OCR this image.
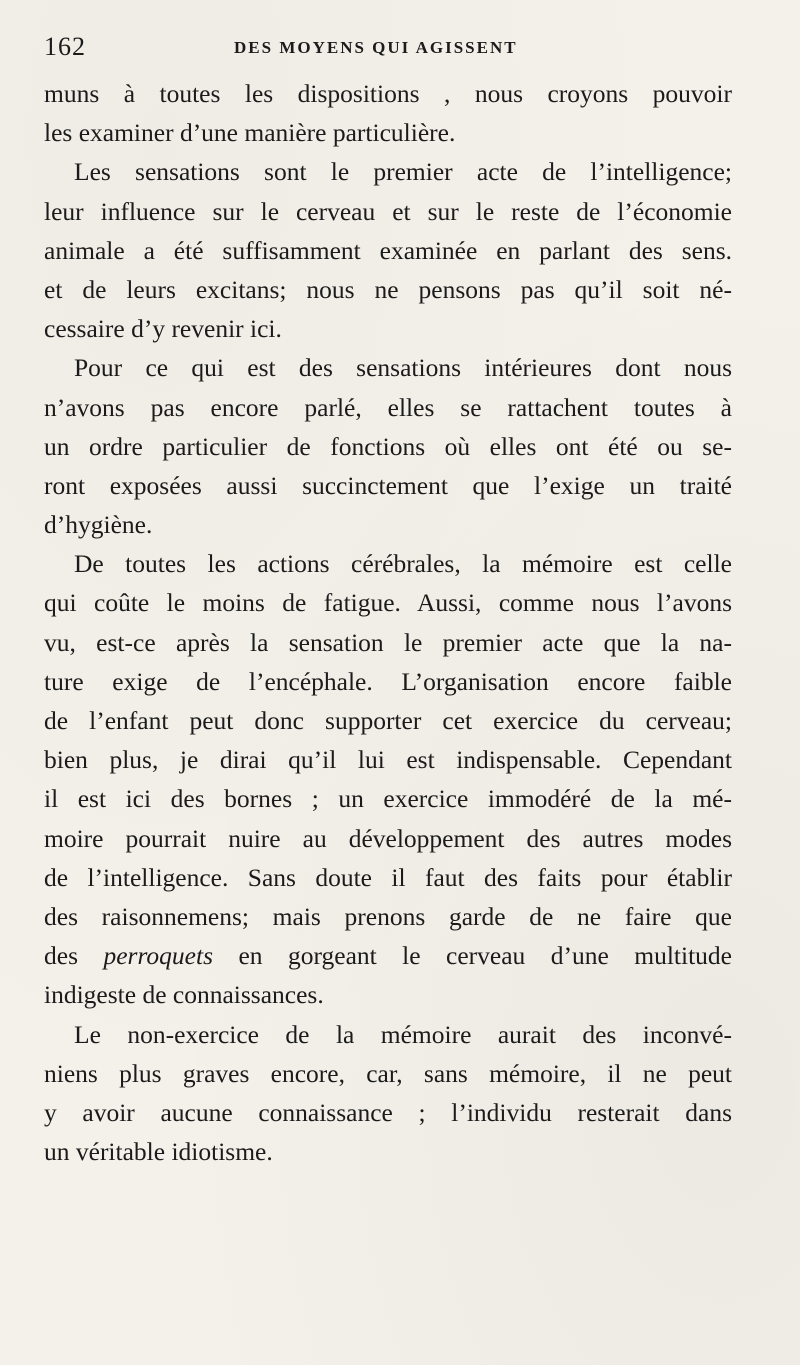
162	DES MOYENS QUI AGISSENT
muns à toutes les dispositions , nous croyons pouvoir
les examiner d’une manière particulière.
Les sensations sont le premier acte de l’intelligence;
leur influence sur le cerveau et sur le reste de l’économie
animale a été suffisamment examinée en parlant des sens.
et de leurs excitans; nous ne pensons pas qu’il soit né-
cessaire d’y revenir ici.
Pour ce qui est des sensations intérieures dont nous
n’avons pas encore parlé, elles se rattachent toutes à
un ordre particulier de fonctions où elles ont été ou se-
ront exposées aussi succinctement que l’exige un traité
d’hygiène.
De toutes les actions cérébrales, la mémoire est celle
qui coûte le moins de fatigue. Aussi, comme nous l’avons
vu, est-ce après la sensation le premier acte que la na-
ture exige de l’encéphale. L’organisation encore faible
de l’enfant peut donc supporter cet exercice du cerveau;
bien plus, je dirai qu’il lui est indispensable. Cependant
il est ici des bornes ; un exercice immodéré de la mé-
moire pourrait nuire au développement des autres modes
de l’intelligence. Sans doute il faut des faits pour établir
des raisonnemens; mais prenons garde de ne faire que
des perroquets en gorgeant le cerveau d’une multitude
indigeste de connaissances.
Le non-exercice de la mémoire aurait des inconvé-
niens plus graves encore, car, sans mémoire, il ne peut
y avoir aucune connaissance ; l’individu resterait dans
un véritable idiotisme.
